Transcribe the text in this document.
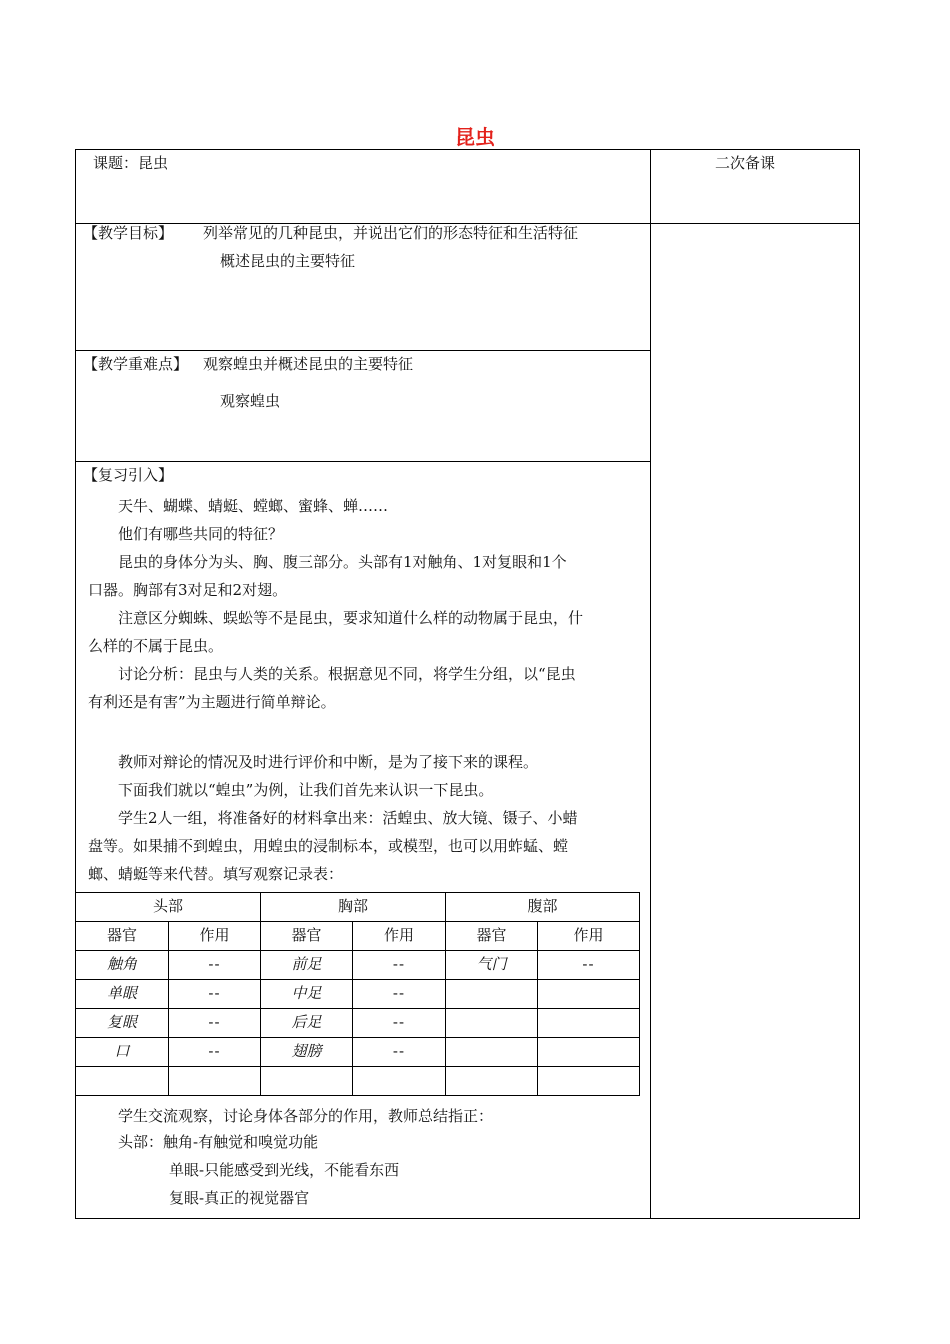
昆虫
课题：昆虫	二次备课
【教学目标】 列举常见的几种昆虫，并说出它们的形态特征和生活特征
概述昆虫的主要特征
【教学重难点】 观察蝗虫并概述昆虫的主要特征
观察蝗虫
【复习引入】
天牛、蝴蝶、蜻蜓、螳螂、蜜蜂、蝉……
他们有哪些共同的特征？
昆虫的身体分为头、胸、腹三部分。头部有1对触角、1对复眼和1个
口器。胸部有3对足和2对翅。
注意区分蜘蛛、蜈蚣等不是昆虫，要求知道什么样的动物属于昆虫，什
么样的不属于昆虫。
讨论分析：昆虫与人类的关系。根据意见不同，将学生分组，以“昆虫
有利还是有害”为主题进行简单辩论。
教师对辩论的情况及时进行评价和中断，是为了接下来的课程。
下面我们就以“蝗虫”为例，让我们首先来认识一下昆虫。
学生2人一组，将准备好的材料拿出来：活蝗虫、放大镜、镊子、小蜡
盘等。如果捕不到蝗虫，用蝗虫的浸制标本，或模型，也可以用蚱蜢、螳
螂、蜻蜓等来代替。填写观察记录表：
头部		胸部		腹部	
器官	作用	器官	作用	器官	作用
触角	--	前足	--	气门	--
单眼	--	中足	--		
复眼	--	后足	--		
口	--	翅膀	--		

学生交流观察，讨论身体各部分的作用，教师总结指正：
头部：触角-有触觉和嗅觉功能
单眼-只能感受到光线，不能看东西
复眼-真正的视觉器官
